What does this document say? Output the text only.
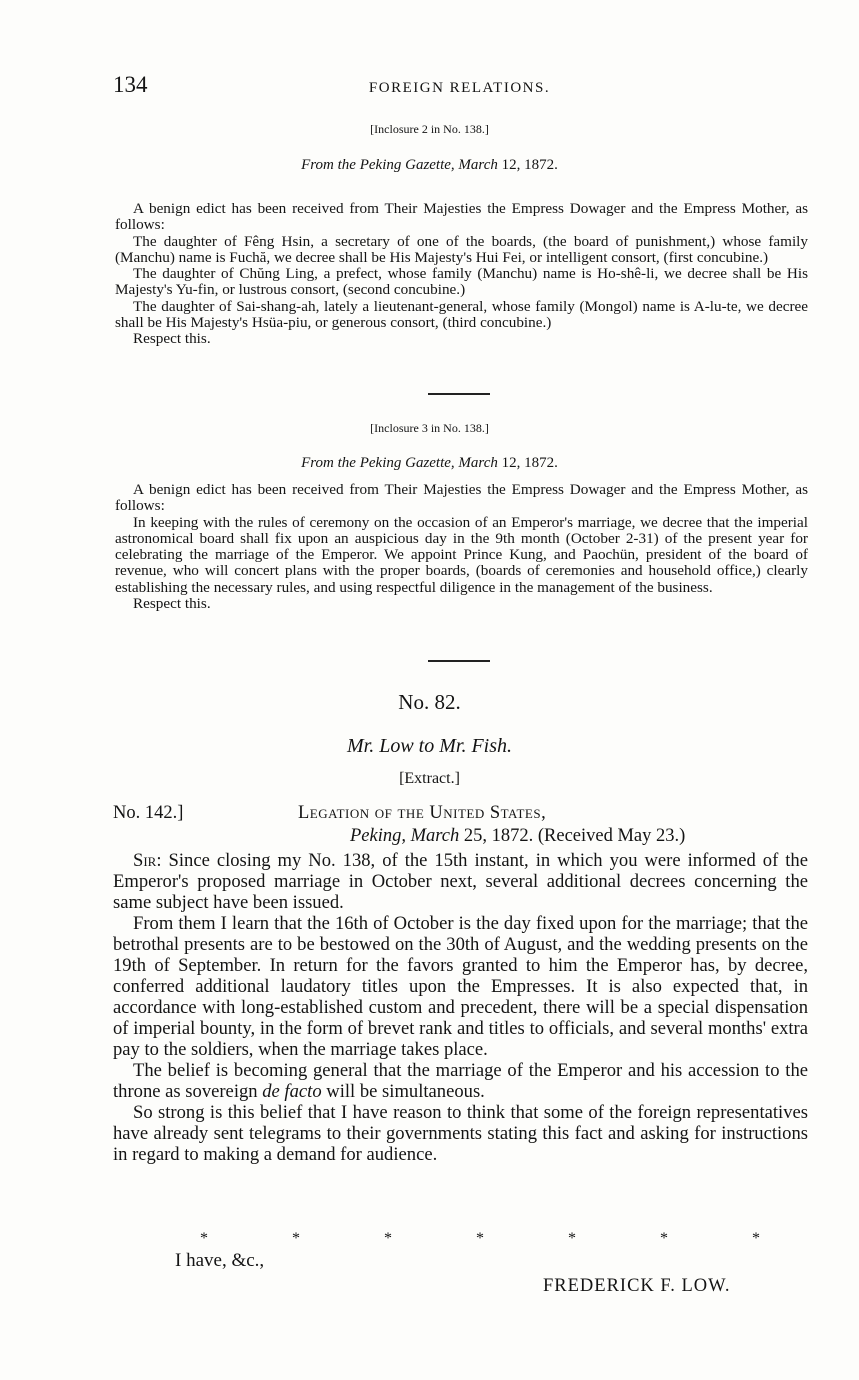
134	FOREIGN RELATIONS.
[Inclosure 2 in No. 138.]
From the Peking Gazette, March 12, 1872.

A benign edict has been received from Their Majesties the Empress Dowager and the Empress Mother, as follows:

The daughter of Fêng Hsin, a secretary of one of the boards, (the board of punishment,) whose family (Manchu) name is Fuchă, we decree shall be His Majesty's Hui Fei, or intelligent consort, (first concubine.)

The daughter of Chŭng Ling, a prefect, whose family (Manchu) name is Ho-shê-li, we decree shall be His Majesty's Yu-fin, or lustrous consort, (second concubine.)

The daughter of Sai-shang-ah, lately a lieutenant-general, whose family (Mongol) name is A-lu-te, we decree shall be His Majesty's Hsüa-piu, or generous consort, (third concubine.)

Respect this.

[Inclosure 3 in No. 138.]
From the Peking Gazette, March 12, 1872.

A benign edict has been received from Their Majesties the Empress Dowager and the Empress Mother, as follows:

In keeping with the rules of ceremony on the occasion of an Emperor's marriage, we decree that the imperial astronomical board shall fix upon an auspicious day in the 9th month (October 2-31) of the present year for celebrating the marriage of the Emperor. We appoint Prince Kung, and Paochün, president of the board of revenue, who will concert plans with the proper boards, (boards of ceremonies and household office,) clearly establishing the necessary rules, and using respectful diligence in the management of the business.

Respect this.

No. 82.
Mr. Low to Mr. Fish.
[Extract.]
No. 142.]	Legation of the United States,
Peking, March 25, 1872. (Received May 23.)

Sir: Since closing my No. 138, of the 15th instant, in which you were informed of the Emperor's proposed marriage in October next, several additional decrees concerning the same subject have been issued.

From them I learn that the 16th of October is the day fixed upon for the marriage; that the betrothal presents are to be bestowed on the 30th of August, and the wedding presents on the 19th of September. In return for the favors granted to him the Emperor has, by decree, conferred additional laudatory titles upon the Empresses. It is also expected that, in accordance with long-established custom and precedent, there will be a special dispensation of imperial bounty, in the form of brevet rank and titles to officials, and several months' extra pay to the soldiers, when the marriage takes place.

The belief is becoming general that the marriage of the Emperor and his accession to the throne as sovereign de facto will be simultaneous.

So strong is this belief that I have reason to think that some of the foreign representatives have already sent telegrams to their governments stating this fact and asking for instructions in regard to making a demand for audience.

*	*	*	*	*	*	*
I have, &c.,
FREDERICK F. LOW.
